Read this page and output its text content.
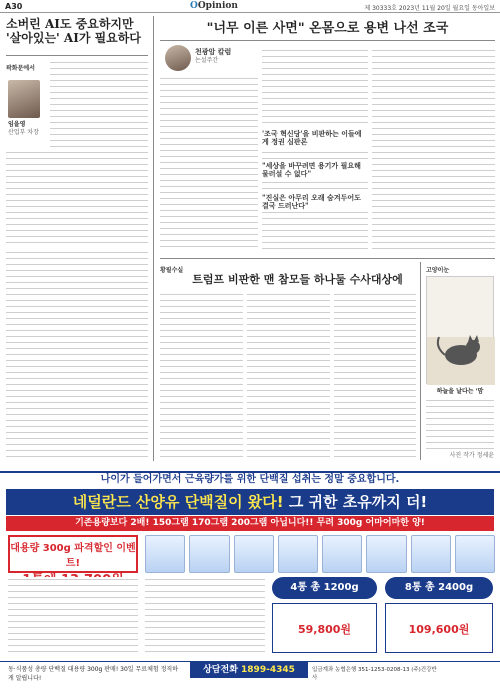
A30	OOpinion	제 30333호 2023년 11월 20일 월요일 동아일보
소버린 AI도 중요하지만 '살아있는' AI가 필요하다
곽화문에서
임을영
산업부 차장
"너무 이른 사면" 온몸으로 용변 나선 조국
천광암 칼럼
논설주간
'조국 혁신당'을 비판하는 이들에게 정권 심판론
"세상을 바꾸려면 용기가 필요해 물러설 수 없다"
"진실은 아무리 오래 숨겨두어도 결국 드러난다"
황필수실
트럼프 비판한 맨 참모들 하나둘 수사대상에
고양이눈
하늘을 날다는 '맘
사진 작가 정세윤
나이가 들어가면서 근육량가를 위한 단백질 섭취는 정말 중요합니다.
네덜란드 산양유 단백질이 왔다! 그 귀한 초유까지 더!
기존용량보다 2배! 150그램 170그램 200그램 아닙니다!! 무려 300g 어마어마한 양!
대용량 300g 파격할인 이벤트!
4통 총 1200g	8통 총 2400g
59,800원	109,600원
동·식품성 총량 단백질 대용량 300g 판매! 30일 무료체험 정직하게 알립니다!
상담전화 1899-4345	입금계좌 농협은행 351-1253-0208-13 (주)건강반사
